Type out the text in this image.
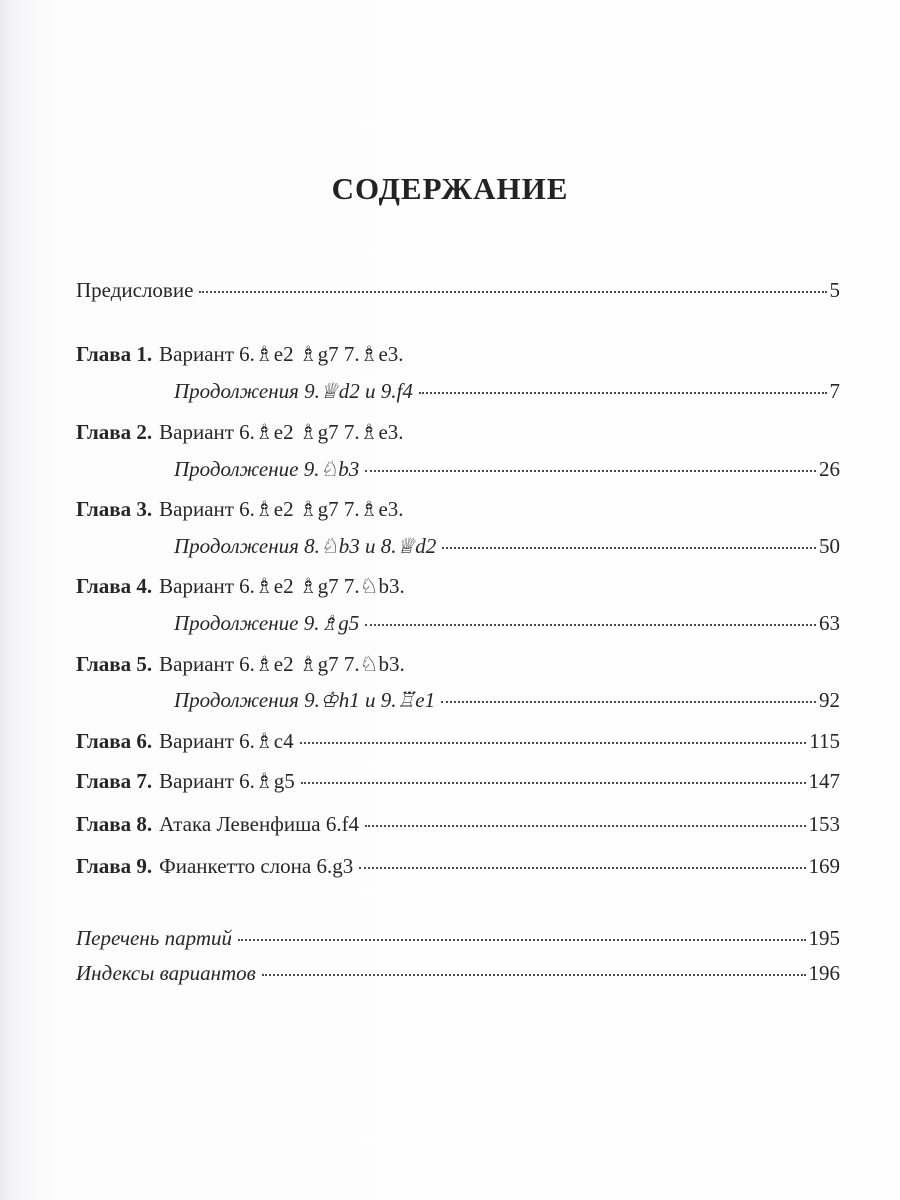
СОДЕРЖАНИЕ
Предисловие	5
Глава 1. Вариант 6.♗e2 ♗g7 7.♗e3.
Продолжения 9.♕d2 и 9.f4	7
Глава 2. Вариант 6.♗e2 ♗g7 7.♗e3.
Продолжение 9.♘b3	26
Глава 3. Вариант 6.♗e2 ♗g7 7.♗e3.
Продолжения 8.♘b3 и 8.♕d2	50
Глава 4. Вариант 6.♗e2 ♗g7 7.♘b3.
Продолжение 9.♗g5	63
Глава 5. Вариант 6.♗e2 ♗g7 7.♘b3.
Продолжения 9.♔h1 и 9.♖e1	92
Глава 6. Вариант 6.♗c4	115
Глава 7. Вариант 6.♗g5	147
Глава 8. Атака Левенфиша 6.f4	153
Глава 9. Фианкетто слона 6.g3	169
Перечень партий	195
Индексы вариантов	196
